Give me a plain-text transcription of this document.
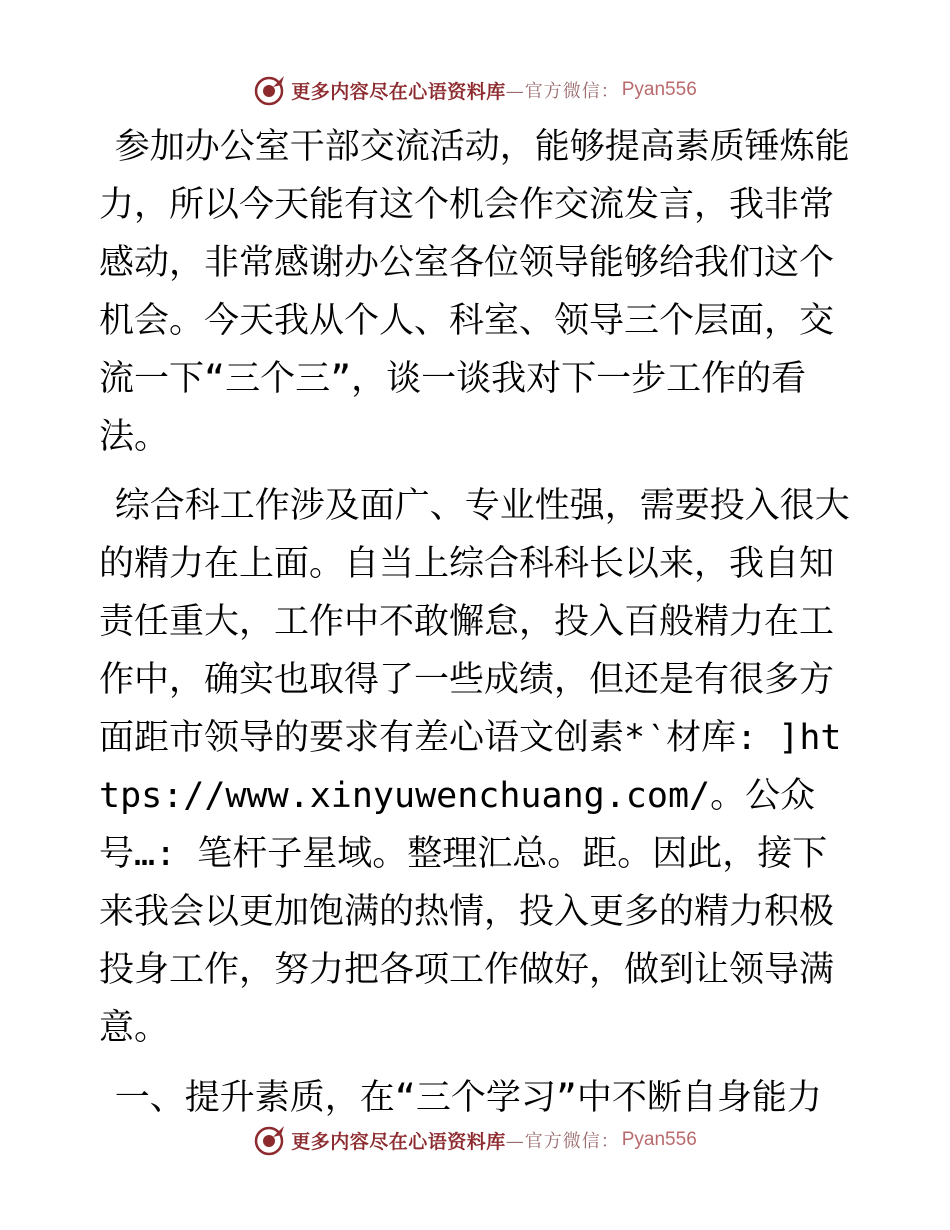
更多内容尽在心语资料库 —官方微信： Pyan556

参加办公室干部交流活动，能够提高素质锤炼能力，所以今天能有这个机会作交流发言，我非常感动，非常感谢办公室各位领导能够给我们这个机会。今天我从个人、科室、领导三个层面，交流一下“三个三”，谈一谈我对下一步工作的看法。

综合科工作涉及面广、专业性强，需要投入很大的精力在上面。自当上综合科科长以来，我自知责任重大，工作中不敢懈怠，投入百般精力在工作中，确实也取得了一些成绩，但还是有很多方面距市领导的要求有差心语文创素*‵材库: ]https://www.xinyuwenchuang.com/。公众号…: 笔杆子星域。整理汇总。距。因此，接下来我会以更加饱满的热情，投入更多的精力积极投身工作，努力把各项工作做好，做到让领导满意。

一、提升素质，在“三个学习”中不断自身能力

更多内容尽在心语资料库 —官方微信： Pyan556
